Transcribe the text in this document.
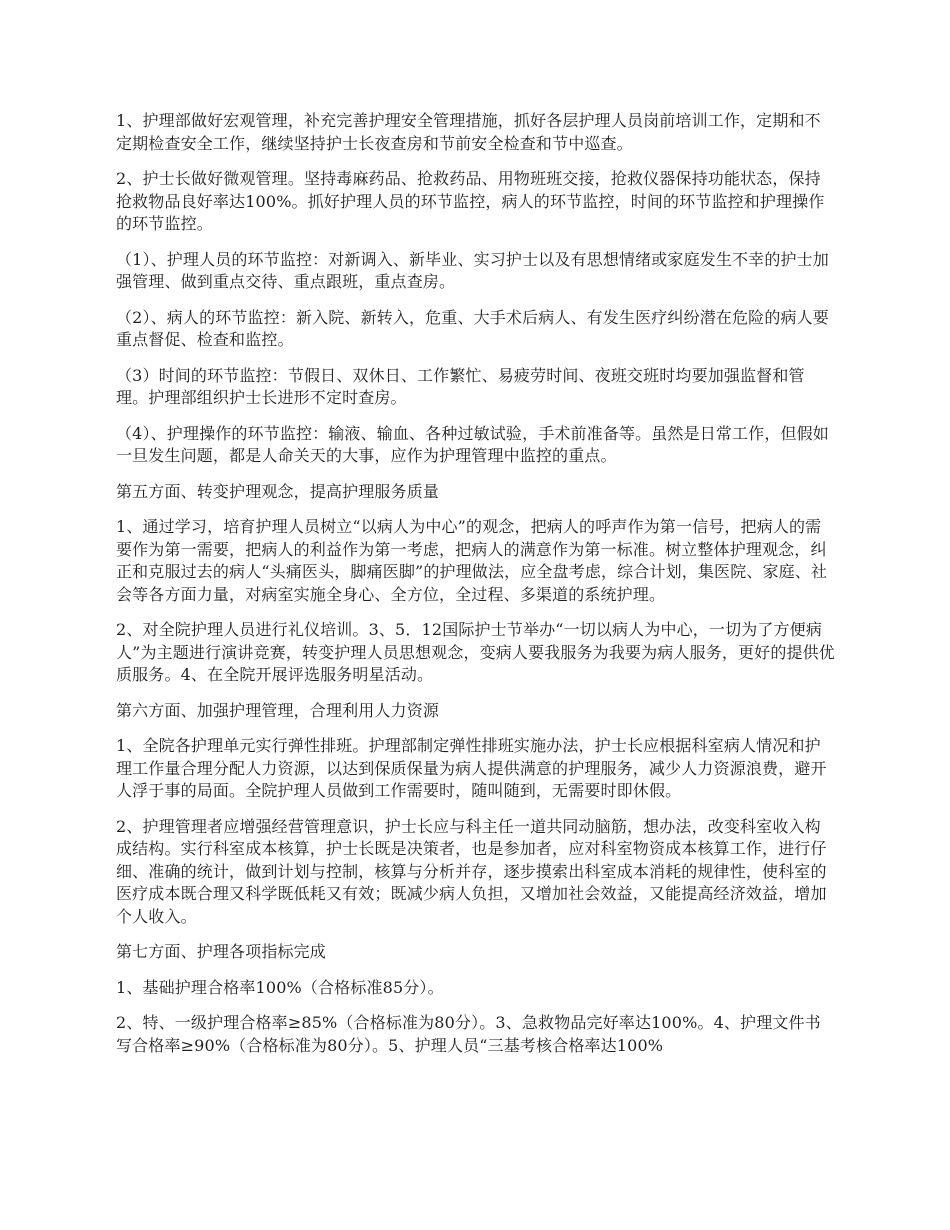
1、护理部做好宏观管理，补充完善护理安全管理措施，抓好各层护理人员岗前培训工作，定期和不定期检查安全工作，继续坚持护士长夜查房和节前安全检查和节中巡查。

2、护士长做好微观管理。坚持毒麻药品、抢救药品、用物班班交接，抢救仪器保持功能状态，保持抢救物品良好率达100%。抓好护理人员的环节监控，病人的环节监控，时间的环节监控和护理操作的环节监控。

（1）、护理人员的环节监控：对新调入、新毕业、实习护士以及有思想情绪或家庭发生不幸的护士加强管理、做到重点交待、重点跟班，重点查房。

（2）、病人的环节监控：新入院、新转入，危重、大手术后病人、有发生医疗纠纷潜在危险的病人要重点督促、检查和监控。

（3）时间的环节监控：节假日、双休日、工作繁忙、易疲劳时间、夜班交班时均要加强监督和管理。护理部组织护士长进形不定时查房。

（4）、护理操作的环节监控：输液、输血、各种过敏试验，手术前准备等。虽然是日常工作，但假如一旦发生问题，都是人命关天的大事，应作为护理管理中监控的重点。

第五方面、转变护理观念，提高护理服务质量

1、通过学习，培育护理人员树立“以病人为中心”的观念，把病人的呼声作为第一信号，把病人的需要作为第一需要，把病人的利益作为第一考虑，把病人的满意作为第一标准。树立整体护理观念，纠正和克服过去的病人“头痛医头，脚痛医脚”的护理做法，应全盘考虑，综合计划，集医院、家庭、社会等各方面力量，对病室实施全身心、全方位，全过程、多渠道的系统护理。

2、对全院护理人员进行礼仪培训。3、5．12国际护士节举办“一切以病人为中心，一切为了方便病人”为主题进行演讲竞赛，转变护理人员思想观念，变病人要我服务为我要为病人服务，更好的提供优质服务。4、在全院开展评选服务明星活动。

第六方面、加强护理管理，合理利用人力资源

1、全院各护理单元实行弹性排班。护理部制定弹性排班实施办法，护士长应根据科室病人情况和护理工作量合理分配人力资源，以达到保质保量为病人提供满意的护理服务，减少人力资源浪费，避开人浮于事的局面。全院护理人员做到工作需要时，随叫随到，无需要时即休假。

2、护理管理者应增强经营管理意识，护士长应与科主任一道共同动脑筋，想办法，改变科室收入构成结构。实行科室成本核算，护士长既是决策者，也是参加者，应对科室物资成本核算工作，进行仔细、准确的统计，做到计划与控制，核算与分析并存，逐步摸索出科室成本消耗的规律性，使科室的医疗成本既合理又科学既低耗又有效；既减少病人负担，又增加社会效益，又能提高经济效益，增加个人收入。

第七方面、护理各项指标完成

1、基础护理合格率100%（合格标准85分）。

2、特、一级护理合格率≥85%（合格标准为80分）。3、急救物品完好率达100%。4、护理文件书写合格率≥90%（合格标准为80分）。5、护理人员“三基考核合格率达100%
